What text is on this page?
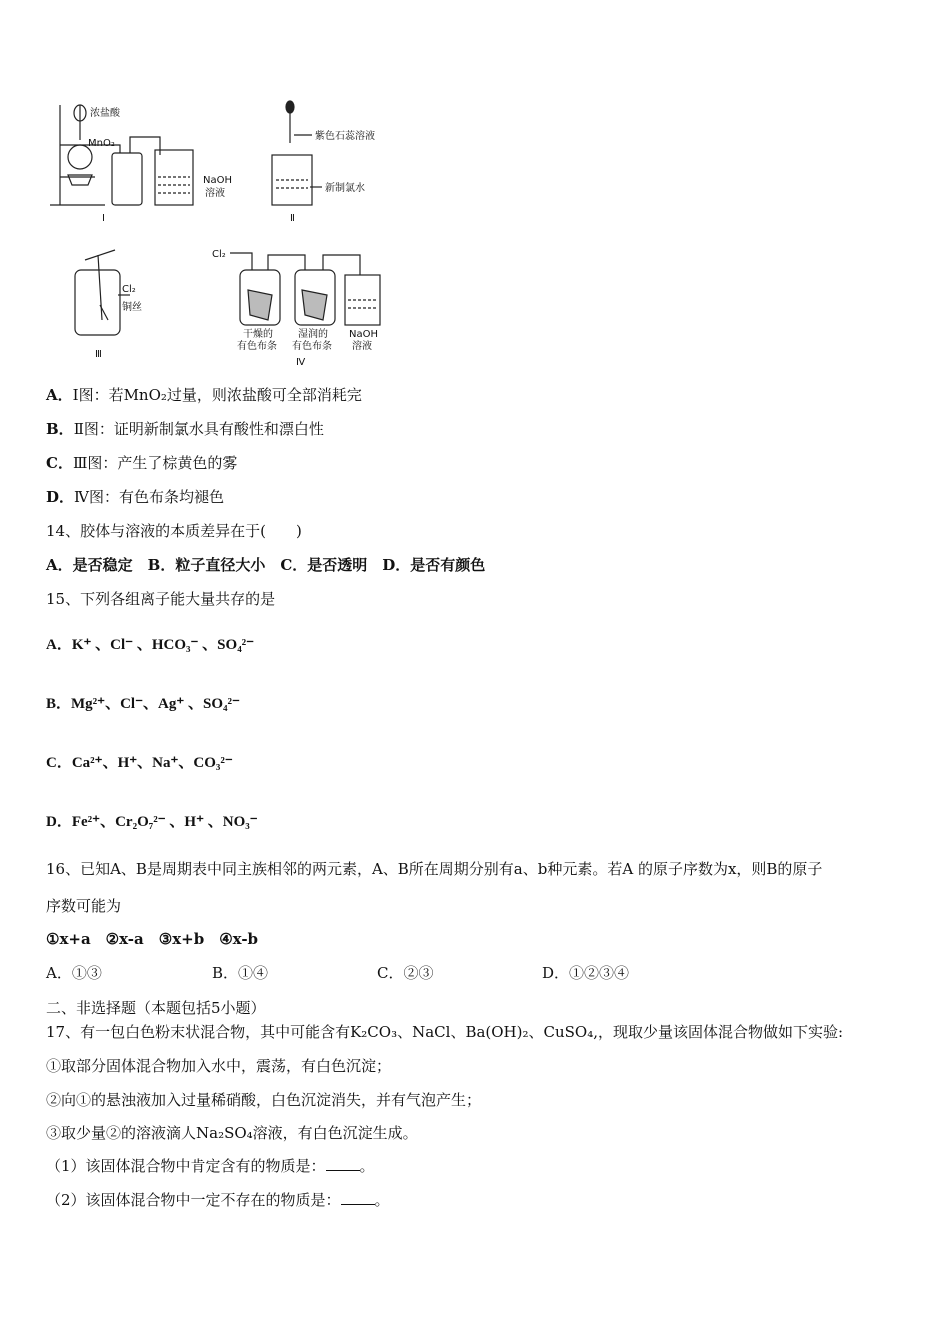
浓盐酸
MnO₂
NaOH
溶液
Ⅰ
紫色石蕊溶液
新制氯水
Ⅱ
Cl₂
铜丝
Ⅲ
Cl₂
干燥的
有色布条
湿润的
有色布条
NaOH
溶液
Ⅳ
A．Ⅰ图：若MnO₂过量，则浓盐酸可全部消耗完
B．Ⅱ图：证明新制氯水具有酸性和漂白性
C．Ⅲ图：产生了棕黄色的雾
D．Ⅳ图：有色布条均褪色
14、胶体与溶液的本质差异在于(　　)
A．是否稳定　B．粒子直径大小　C．是否透明　D．是否有颜色
15、下列各组离子能大量共存的是
A．K⁺ 、Cl⁻ 、HCO₃⁻ 、SO₄²⁻
B．Mg²⁺、Cl⁻、Ag⁺ 、SO₄²⁻
C．Ca²⁺、H⁺、Na⁺、CO₃²⁻
D．Fe²⁺、Cr₂O₇²⁻ 、H⁺ 、NO₃⁻
16、已知A、B是周期表中同主族相邻的两元素，A、B所在周期分别有a、b种元素。若A 的原子序数为x，则B的原子
序数可能为
①x+a　②x-a　③x+b　④x-b
A．①③	B．①④	C．②③	D．①②③④
二、非选择题（本题包括5小题）
17、有一包白色粉末状混合物，其中可能含有K₂CO₃、NaCl、Ba(OH)₂、CuSO₄,，现取少量该固体混合物做如下实验:
①取部分固体混合物加入水中，震荡，有白色沉淀；
②向①的悬浊液加入过量稀硝酸，白色沉淀消失，并有气泡产生；
③取少量②的溶液滴人Na₂SO₄溶液，有白色沉淀生成。
（1）该固体混合物中肯定含有的物质是： 。
（2）该固体混合物中一定不存在的物质是： 。
